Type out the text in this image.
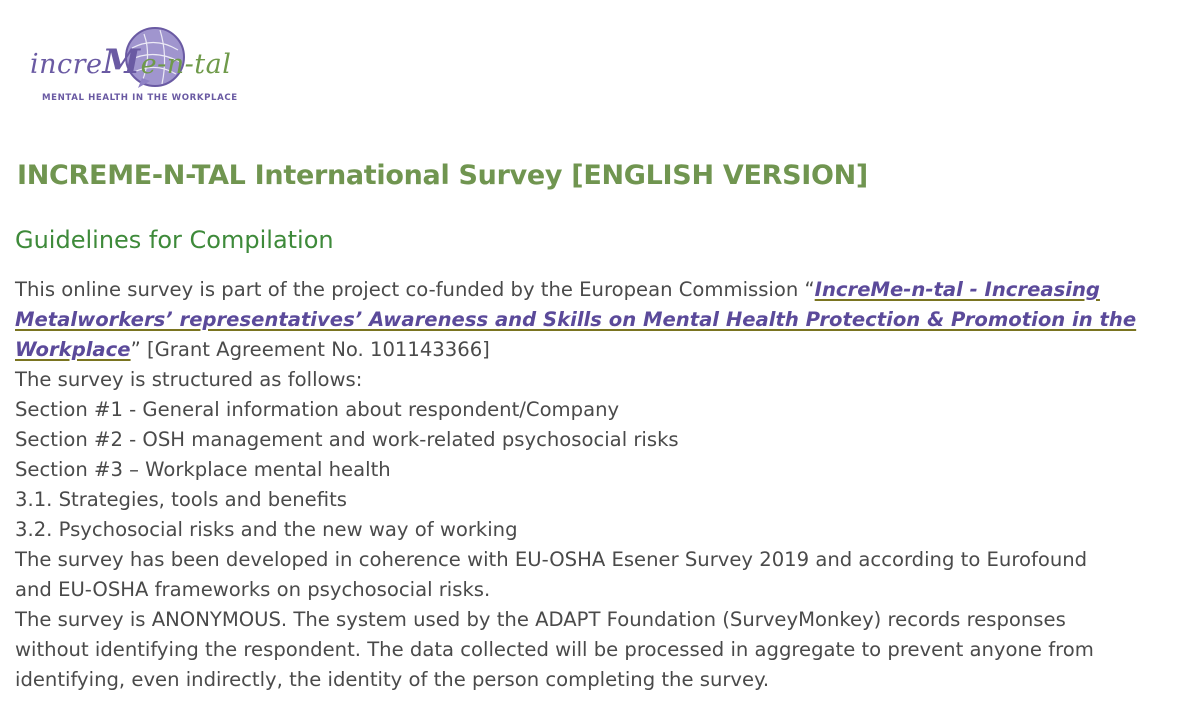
increMe-n-tal
MENTAL HEALTH IN THE WORKPLACE
INCREME-N-TAL International Survey [ENGLISH VERSION]
Guidelines for Compilation
This online survey is part of the project co-funded by the European Commission “IncreMe-n-tal - Increasing
Metalworkers’ representatives’ Awareness and Skills on Mental Health Protection & Promotion in the
Workplace” [Grant Agreement No. 101143366]
The survey is structured as follows:
Section #1 - General information about respondent/Company
Section #2 - OSH management and work-related psychosocial risks
Section #3 – Workplace mental health
3.1. Strategies, tools and benefits
3.2. Psychosocial risks and the new way of working
The survey has been developed in coherence with EU-OSHA Esener Survey 2019 and according to Eurofound
and EU-OSHA frameworks on psychosocial risks.
The survey is ANONYMOUS. The system used by the ADAPT Foundation (SurveyMonkey) records responses
without identifying the respondent. The data collected will be processed in aggregate to prevent anyone from
identifying, even indirectly, the identity of the person completing the survey.
